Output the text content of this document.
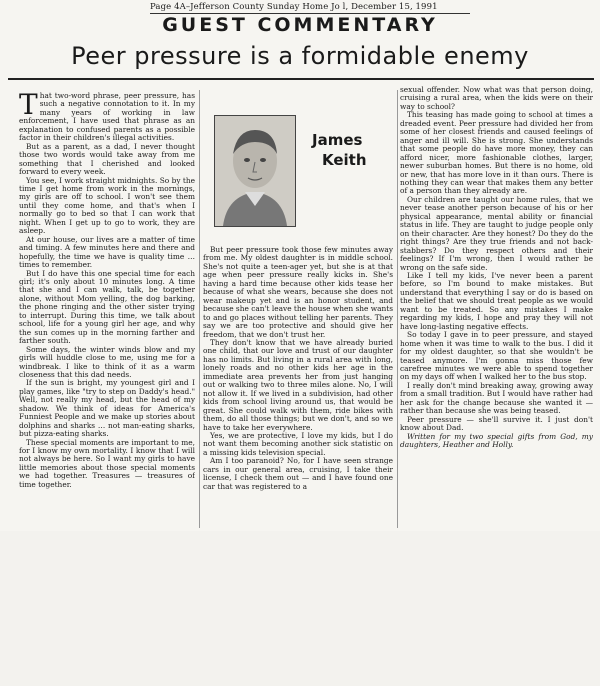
Page 4A–Jefferson County Sunday Home Jo l, December 15, 1991
GUEST COMMENTARY
Peer pressure is a formidable enemy

That two-word phrase, peer pressure, has such a negative connotation to it. In my many years of working in law enforcement, I have used that phrase as an explanation to confused parents as a possible factor in their children's illegal activities.

But as a parent, as a dad, I never thought those two words would take away from me something that I cherished and looked forward to every week.

You see, I work straight midnights. So by the time I get home from work in the mornings, my girls are off to school. I won't see them until they come home, and that's when I normally go to bed so that I can work that night. When I get up to go to work, they are asleep.

At our house, our lives are a matter of time and timing. A few minutes here and there and hopefully, the time we have is quality time … times to remember.

But I do have this one special time for each girl; it's only about 10 minutes long. A time that she and I can walk, talk, be together alone, without Mom yelling, the dog barking, the phone ringing and the other sister trying to interrupt. During this time, we talk about school, life for a young girl her age, and why the sun comes up in the morning farther and farther south.

Some days, the winter winds blow and my girls will huddle close to me, using me for a windbreak. I like to think of it as a warm closeness that this dad needs.

If the sun is bright, my youngest girl and I play games, like "try to step on Daddy's head." Well, not really my head, but the head of my shadow. We think of ideas for America's Funniest People and we make up stories about dolphins and sharks … not man-eating sharks, but pizza-eating sharks.

These special moments are important to me, for I know my own mortality. I know that I will not always be here. So I want my girls to have little memories about those special moments we had together. Treasures — treasures of time together.

James
Keith

But peer pressure took those few minutes away from me. My oldest daughter is in middle school. She's not quite a teen-ager yet, but she is at that age when peer pressure really kicks in. She's having a hard time because other kids tease her because of what she wears, because she does not wear makeup yet and is an honor student, and because she can't leave the house when she wants to and go places without telling her parents. They say we are too protective and should give her freedom, that we don't trust her.

They don't know that we have already buried one child, that our love and trust of our daughter has no limits. But living in a rural area with long, lonely roads and no other kids her age in the immediate area prevents her from just hanging out or walking two to three miles alone. No, I will not allow it. If we lived in a subdivision, had other kids from school living around us, that would be great. She could walk with them, ride bikes with them, do all those things; but we don't, and so we have to take her everywhere.

Yes, we are protective, I love my kids, but I do not want them becoming another sick statistic on a missing kids television special.

Am I too paranoid? No, for I have seen strange cars in our general area, cruising, I take their license, I check them out — and I have found one car that was registered to a

sexual offender. Now what was that person doing, cruising a rural area, when the kids were on their way to school?

This teasing has made going to school at times a dreaded event. Peer pressure had divided her from some of her closest friends and caused feelings of anger and ill will. She is strong. She understands that some people do have more money, they can afford nicer, more fashionable clothes, larger, newer suburban homes. But there is no home, old or new, that has more love in it than ours. There is nothing they can wear that makes them any better of a person than they already are.

Our children are taught our home rules, that we never tease another person because of his or her physical appearance, mental ability or financial status in life. They are taught to judge people only on their character. Are they honest? Do they do the right things? Are they true friends and not back-stabbers? Do they respect others and their feelings? If I'm wrong, then I would rather be wrong on the safe side.

Like I tell my kids, I've never been a parent before, so I'm bound to make mistakes. But understand that everything I say or do is based on the belief that we should treat people as we would want to be treated. So any mistakes I make regarding my kids, I hope and pray they will not have long-lasting negative effects.

So today I gave in to peer pressure, and stayed home when it was time to walk to the bus. I did it for my oldest daughter, so that she wouldn't be teased anymore. I'm gonna miss those few carefree minutes we were able to spend together on my days off when I walked her to the bus stop.

I really don't mind breaking away, growing away from a small tradition. But I would have rather had her ask for the change because she wanted it — rather than because she was being teased.

Peer pressure — she'll survive it. I just don't know about Dad.

Written for my two special gifts from God, my daughters, Heather and Holly.
